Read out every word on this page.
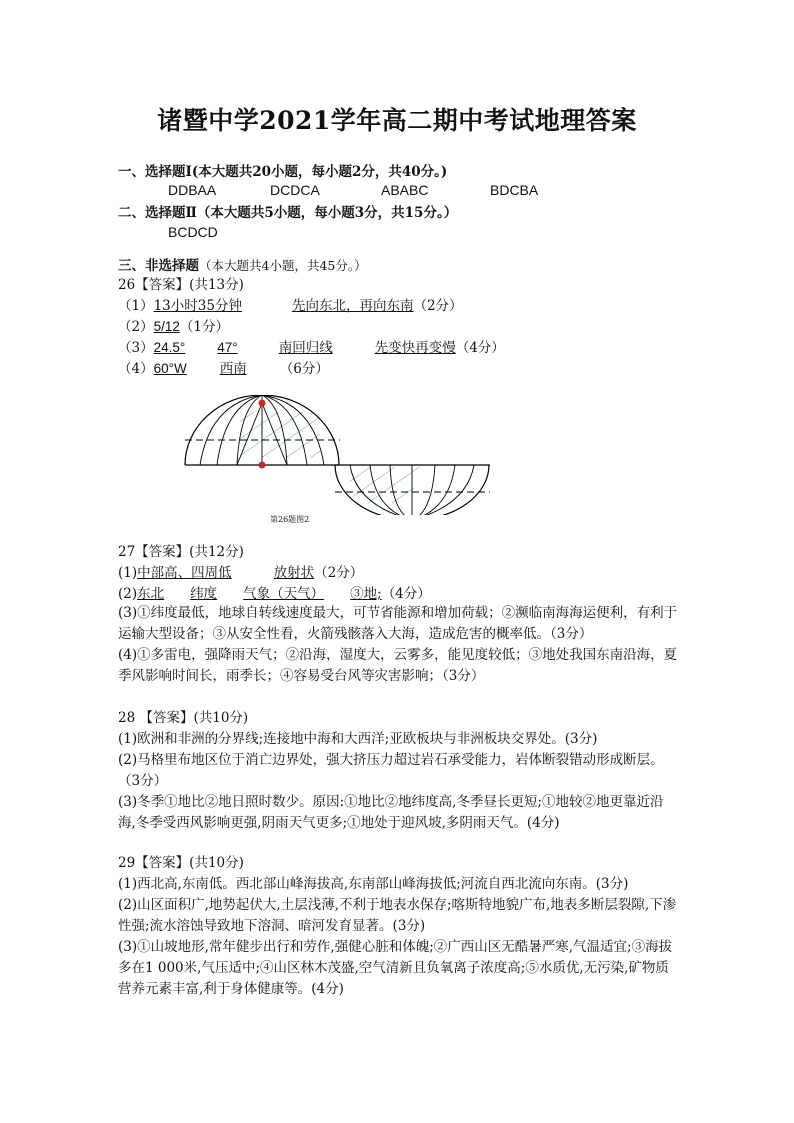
诸暨中学2021学年高二期中考试地理答案
一、选择题Ⅰ(本大题共20小题，每小题2分，共40分。)
DDBAA	DCDCA	ABABC	BDCBA
二、选择题Ⅱ（本大题共5小题，每小题3分，共15分。）
BCDCD
三、非选择题（本大题共4小题，共45分。）
26【答案】(共13分)
（1）13小时35分钟	先向东北，再向东南（2分）
（2）5/12（1分）
（3）24.5° 47°	南回归线	先变快再变慢（4分）
（4）60°W 西南 （6分）
第26题图2
27【答案】(共12分)
(1)中部高、四周低	放射状（2分）
(2)东北 纬度 气象（天气） ③地;（4分）
(3)①纬度最低，地球自转线速度最大，可节省能源和增加荷载；②濒临南海海运便利，有利于运输大型设备；③从安全性看，火箭残骸落入大海，造成危害的概率低。（3分）
(4)①多雷电，强降雨天气；②沿海，湿度大，云雾多，能见度较低；③地处我国东南沿海，夏季风影响时间长，雨季长；④容易受台风等灾害影响；（3分）
28 【答案】(共10分)
(1)欧洲和非洲的分界线;连接地中海和大西洋;亚欧板块与非洲板块交界处。(3分)
(2)马格里布地区位于消亡边界处，强大挤压力超过岩石承受能力，岩体断裂错动形成断层。（3分）
(3)冬季①地比②地日照时数少。原因:①地比②地纬度高,冬季昼长更短;①地较②地更靠近沿海,冬季受西风影响更强,阴雨天气更多;①地处于迎风坡,多阴雨天气。(4分)
29【答案】(共10分)
(1)西北高,东南低。西北部山峰海拔高,东南部山峰海拔低;河流自西北流向东南。(3分)
(2)山区面积广,地势起伏大,土层浅薄,不利于地表水保存;喀斯特地貌广布,地表多断层裂隙,下渗性强;流水溶蚀导致地下溶洞、暗河发育显著。(3分)
(3)①山坡地形,常年健步出行和劳作,强健心脏和体魄;②广西山区无酷暑严寒,气温适宜;③海拔多在1 000米,气压适中;④山区林木茂盛,空气清新且负氧离子浓度高;⑤水质优,无污染,矿物质营养元素丰富,利于身体健康等。(4分)
